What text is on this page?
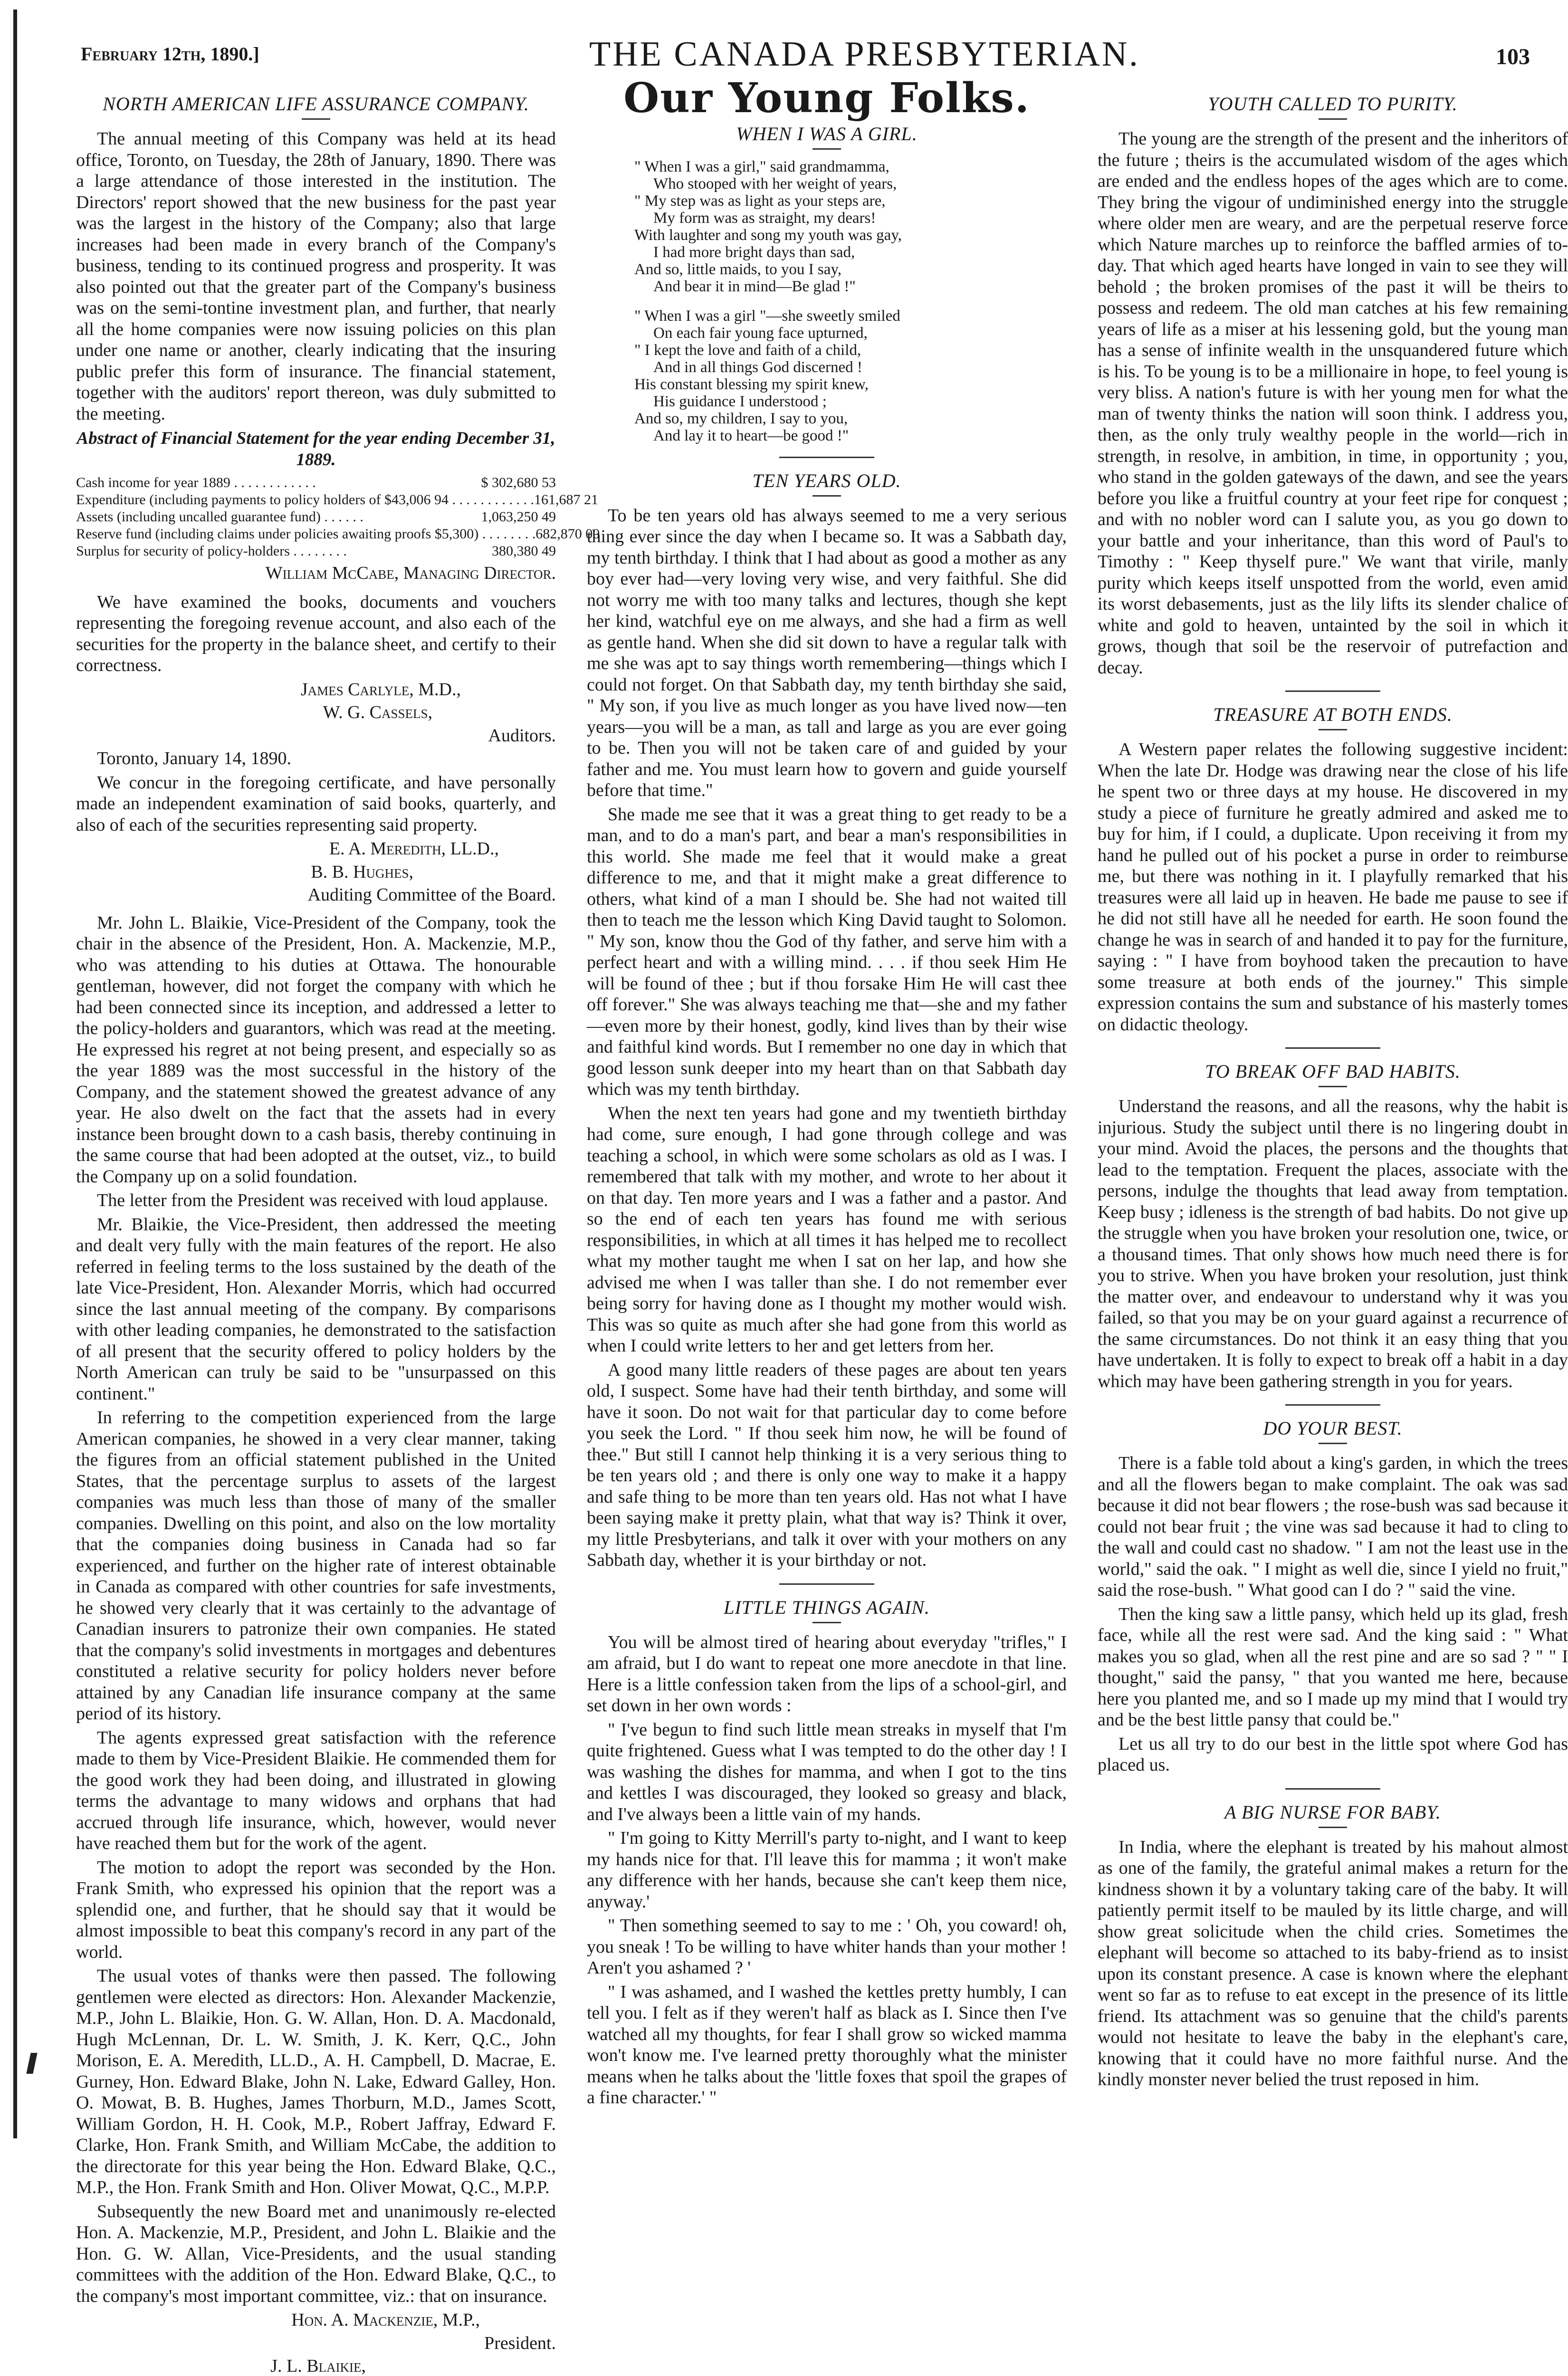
February 12th, 1890.]	THE CANADA PRESBYTERIAN.	103
NORTH AMERICAN LIFE ASSURANCE COMPANY.

The annual meeting of this Company was held at its head office, Toronto, on Tuesday, the 28th of January, 1890. There was a large attendance of those interested in the institution. The Directors' report showed that the new business for the past year was the largest in the history of the Company; also that large increases had been made in every branch of the Company's business, tending to its continued progress and prosperity. It was also pointed out that the greater part of the Company's business was on the semi-tontine investment plan, and further, that nearly all the home companies were now issuing policies on this plan under one name or another, clearly indicating that the insuring public prefer this form of insurance. The financial statement, together with the auditors' report thereon, was duly submitted to the meeting.

Abstract of Financial Statement for the year ending December 31, 1889.
Cash income for year 1889 . . . . . . . . . . . .	$ 302,680 53
Expenditure (including payments to policy holders of $43,006 94 . . . . . . . . . . . . 161,687 21
Assets (including uncalled guarantee fund) . . . . . .	1,063,250 49
Reserve fund (including claims under policies awaiting proofs $5,300) . . . . . . . . 682,870 00
Surplus for security of policy-holders . . . . . . . .	380,380 49
William McCabe, Managing Director.

We have examined the books, documents and vouchers representing the foregoing revenue account, and also each of the securities for the property in the balance sheet, and certify to their correctness.

James Carlyle, M.D.,
W. G. Cassels,
Auditors.

Toronto, January 14, 1890.

We concur in the foregoing certificate, and have personally made an independent examination of said books, quarterly, and also of each of the securities representing said property.

E. A. Meredith, LL.D.,
B. B. Hughes,
Auditing Committee of the Board.

Mr. John L. Blaikie, Vice-President of the Company, took the chair in the absence of the President, Hon. A. Mackenzie, M.P., who was attending to his duties at Ottawa. The honourable gentleman, however, did not forget the company with which he had been connected since its inception, and addressed a letter to the policy-holders and guarantors, which was read at the meeting. He expressed his regret at not being present, and especially so as the year 1889 was the most successful in the history of the Company, and the statement showed the greatest advance of any year. He also dwelt on the fact that the assets had in every instance been brought down to a cash basis, thereby continuing in the same course that had been adopted at the outset, viz., to build the Company up on a solid foundation.

The letter from the President was received with loud applause.

Mr. Blaikie, the Vice-President, then addressed the meeting and dealt very fully with the main features of the report. He also referred in feeling terms to the loss sustained by the death of the late Vice-President, Hon. Alexander Morris, which had occurred since the last annual meeting of the company. By comparisons with other leading companies, he demonstrated to the satisfaction of all present that the security offered to policy holders by the North American can truly be said to be "unsurpassed on this continent."

In referring to the competition experienced from the large American companies, he showed in a very clear manner, taking the figures from an official statement published in the United States, that the percentage surplus to assets of the largest companies was much less than those of many of the smaller companies. Dwelling on this point, and also on the low mortality that the companies doing business in Canada had so far experienced, and further on the higher rate of interest obtainable in Canada as compared with other countries for safe investments, he showed very clearly that it was certainly to the advantage of Canadian insurers to patronize their own companies. He stated that the company's solid investments in mortgages and debentures constituted a relative security for policy holders never before attained by any Canadian life insurance company at the same period of its history.

The agents expressed great satisfaction with the reference made to them by Vice-President Blaikie. He commended them for the good work they had been doing, and illustrated in glowing terms the advantage to many widows and orphans that had accrued through life insurance, which, however, would never have reached them but for the work of the agent.

The motion to adopt the report was seconded by the Hon. Frank Smith, who expressed his opinion that the report was a splendid one, and further, that he should say that it would be almost impossible to beat this company's record in any part of the world.

The usual votes of thanks were then passed. The following gentlemen were elected as directors: Hon. Alexander Mackenzie, M.P., John L. Blaikie, Hon. G. W. Allan, Hon. D. A. Macdonald, Hugh McLennan, Dr. L. W. Smith, J. K. Kerr, Q.C., John Morison, E. A. Meredith, LL.D., A. H. Campbell, D. Macrae, E. Gurney, Hon. Edward Blake, John N. Lake, Edward Galley, Hon. O. Mowat, B. B. Hughes, James Thorburn, M.D., James Scott, William Gordon, H. H. Cook, M.P., Robert Jaffray, Edward F. Clarke, Hon. Frank Smith, and William McCabe, the addition to the directorate for this year being the Hon. Edward Blake, Q.C., M.P., the Hon. Frank Smith and Hon. Oliver Mowat, Q.C., M.P.P.

Subsequently the new Board met and unanimously re-elected Hon. A. Mackenzie, M.P., President, and John L. Blaikie and the Hon. G. W. Allan, Vice-Presidents, and the usual standing committees with the addition of the Hon. Edward Blake, Q.C., to the company's most important committee, viz.: that on insurance.

Hon. A. Mackenzie, M.P.,
President.
J. L. Blaikie,
Our Young Folks.
WHEN I WAS A GIRL.
" When I was a girl," said grandmamma,
Who stooped with her weight of years,
" My step was as light as your steps are,
My form was as straight, my dears!
With laughter and song my youth was gay,
I had more bright days than sad,
And so, little maids, to you I say,
And bear it in mind—Be glad !"
" When I was a girl "—she sweetly smiled
On each fair young face upturned,
" I kept the love and faith of a child,
And in all things God discerned !
His constant blessing my spirit knew,
His guidance I understood ;
And so, my children, I say to you,
And lay it to heart—be good !"
TEN YEARS OLD.

To be ten years old has always seemed to me a very serious thing ever since the day when I became so. It was a Sabbath day, my tenth birthday. I think that I had about as good a mother as any boy ever had—very loving very wise, and very faithful. She did not worry me with too many talks and lectures, though she kept her kind, watchful eye on me always, and she had a firm as well as gentle hand. When she did sit down to have a regular talk with me she was apt to say things worth remembering—things which I could not forget. On that Sabbath day, my tenth birthday she said, " My son, if you live as much longer as you have lived now—ten years—you will be a man, as tall and large as you are ever going to be. Then you will not be taken care of and guided by your father and me. You must learn how to govern and guide yourself before that time."

She made me see that it was a great thing to get ready to be a man, and to do a man's part, and bear a man's responsibilities in this world. She made me feel that it would make a great difference to me, and that it might make a great difference to others, what kind of a man I should be. She had not waited till then to teach me the lesson which King David taught to Solomon. " My son, know thou the God of thy father, and serve him with a perfect heart and with a willing mind. . . . if thou seek Him He will be found of thee ; but if thou forsake Him He will cast thee off forever." She was always teaching me that—she and my father—even more by their honest, godly, kind lives than by their wise and faithful kind words. But I remember no one day in which that good lesson sunk deeper into my heart than on that Sabbath day which was my tenth birthday.

When the next ten years had gone and my twentieth birthday had come, sure enough, I had gone through college and was teaching a school, in which were some scholars as old as I was. I remembered that talk with my mother, and wrote to her about it on that day. Ten more years and I was a father and a pastor. And so the end of each ten years has found me with serious responsibilities, in which at all times it has helped me to recollect what my mother taught me when I sat on her lap, and how she advised me when I was taller than she. I do not remember ever being sorry for having done as I thought my mother would wish. This was so quite as much after she had gone from this world as when I could write letters to her and get letters from her.

A good many little readers of these pages are about ten years old, I suspect. Some have had their tenth birthday, and some will have it soon. Do not wait for that particular day to come before you seek the Lord. " If thou seek him now, he will be found of thee." But still I cannot help thinking it is a very serious thing to be ten years old ; and there is only one way to make it a happy and safe thing to be more than ten years old. Has not what I have been saying make it pretty plain, what that way is? Think it over, my little Presbyterians, and talk it over with your mothers on any Sabbath day, whether it is your birthday or not.

LITTLE THINGS AGAIN.

You will be almost tired of hearing about everyday "trifles," I am afraid, but I do want to repeat one more anecdote in that line. Here is a little confession taken from the lips of a school-girl, and set down in her own words :

" I've begun to find such little mean streaks in myself that I'm quite frightened. Guess what I was tempted to do the other day ! I was washing the dishes for mamma, and when I got to the tins and kettles I was discouraged, they looked so greasy and black, and I've always been a little vain of my hands.

" I'm going to Kitty Merrill's party to-night, and I want to keep my hands nice for that. I'll leave this for mamma ; it won't make any difference with her hands, because she can't keep them nice, anyway.'

" Then something seemed to say to me : ' Oh, you coward! oh, you sneak ! To be willing to have whiter hands than your mother ! Aren't you ashamed ? '

" I was ashamed, and I washed the kettles pretty humbly, I can tell you. I felt as if they weren't half as black as I. Since then I've watched all my thoughts, for fear I shall grow so wicked mamma won't know me. I've learned pretty thoroughly what the minister means when he talks about the 'little foxes that spoil the grapes of a fine character.' "

YOUTH CALLED TO PURITY.

The young are the strength of the present and the inheritors of the future ; theirs is the accumulated wisdom of the ages which are ended and the endless hopes of the ages which are to come. They bring the vigour of undiminished energy into the struggle where older men are weary, and are the perpetual reserve force which Nature marches up to reinforce the baffled armies of to-day. That which aged hearts have longed in vain to see they will behold ; the broken promises of the past it will be theirs to possess and redeem. The old man catches at his few remaining years of life as a miser at his lessening gold, but the young man has a sense of infinite wealth in the unsquandered future which is his. To be young is to be a millionaire in hope, to feel young is very bliss. A nation's future is with her young men for what the man of twenty thinks the nation will soon think. I address you, then, as the only truly wealthy people in the world—rich in strength, in resolve, in ambition, in time, in opportunity ; you, who stand in the golden gateways of the dawn, and see the years before you like a fruitful country at your feet ripe for conquest ; and with no nobler word can I salute you, as you go down to your battle and your inheritance, than this word of Paul's to Timothy : " Keep thyself pure." We want that virile, manly purity which keeps itself unspotted from the world, even amid its worst debasements, just as the lily lifts its slender chalice of white and gold to heaven, untainted by the soil in which it grows, though that soil be the reservoir of putrefaction and decay.

TREASURE AT BOTH ENDS.

A Western paper relates the following suggestive incident: When the late Dr. Hodge was drawing near the close of his life he spent two or three days at my house. He discovered in my study a piece of furniture he greatly admired and asked me to buy for him, if I could, a duplicate. Upon receiving it from my hand he pulled out of his pocket a purse in order to reimburse me, but there was nothing in it. I playfully remarked that his treasures were all laid up in heaven. He bade me pause to see if he did not still have all he needed for earth. He soon found the change he was in search of and handed it to pay for the furniture, saying : " I have from boyhood taken the precaution to have some treasure at both ends of the journey." This simple expression contains the sum and substance of his masterly tomes on didactic theology.

TO BREAK OFF BAD HABITS.

Understand the reasons, and all the reasons, why the habit is injurious. Study the subject until there is no lingering doubt in your mind. Avoid the places, the persons and the thoughts that lead to the temptation. Frequent the places, associate with the persons, indulge the thoughts that lead away from temptation. Keep busy ; idleness is the strength of bad habits. Do not give up the struggle when you have broken your resolution one, twice, or a thousand times. That only shows how much need there is for you to strive. When you have broken your resolution, just think the matter over, and endeavour to understand why it was you failed, so that you may be on your guard against a recurrence of the same circumstances. Do not think it an easy thing that you have undertaken. It is folly to expect to break off a habit in a day which may have been gathering strength in you for years.

DO YOUR BEST.

There is a fable told about a king's garden, in which the trees and all the flowers began to make complaint. The oak was sad because it did not bear flowers ; the rose-bush was sad because it could not bear fruit ; the vine was sad because it had to cling to the wall and could cast no shadow. " I am not the least use in the world," said the oak. " I might as well die, since I yield no fruit," said the rose-bush. " What good can I do ? " said the vine.

Then the king saw a little pansy, which held up its glad, fresh face, while all the rest were sad. And the king said : " What makes you so glad, when all the rest pine and are so sad ? " " I thought," said the pansy, " that you wanted me here, because here you planted me, and so I made up my mind that I would try and be the best little pansy that could be."

Let us all try to do our best in the little spot where God has placed us.

A BIG NURSE FOR BABY.

In India, where the elephant is treated by his mahout almost as one of the family, the grateful animal makes a return for the kindness shown it by a voluntary taking care of the baby. It will patiently permit itself to be mauled by its little charge, and will show great solicitude when the child cries. Sometimes the elephant will become so attached to its baby-friend as to insist upon its constant presence. A case is known where the elephant went so far as to refuse to eat except in the presence of its little friend. Its attachment was so genuine that the child's parents would not hesitate to leave the baby in the elephant's care, knowing that it could have no more faithful nurse. And the kindly monster never belied the trust reposed in him.
